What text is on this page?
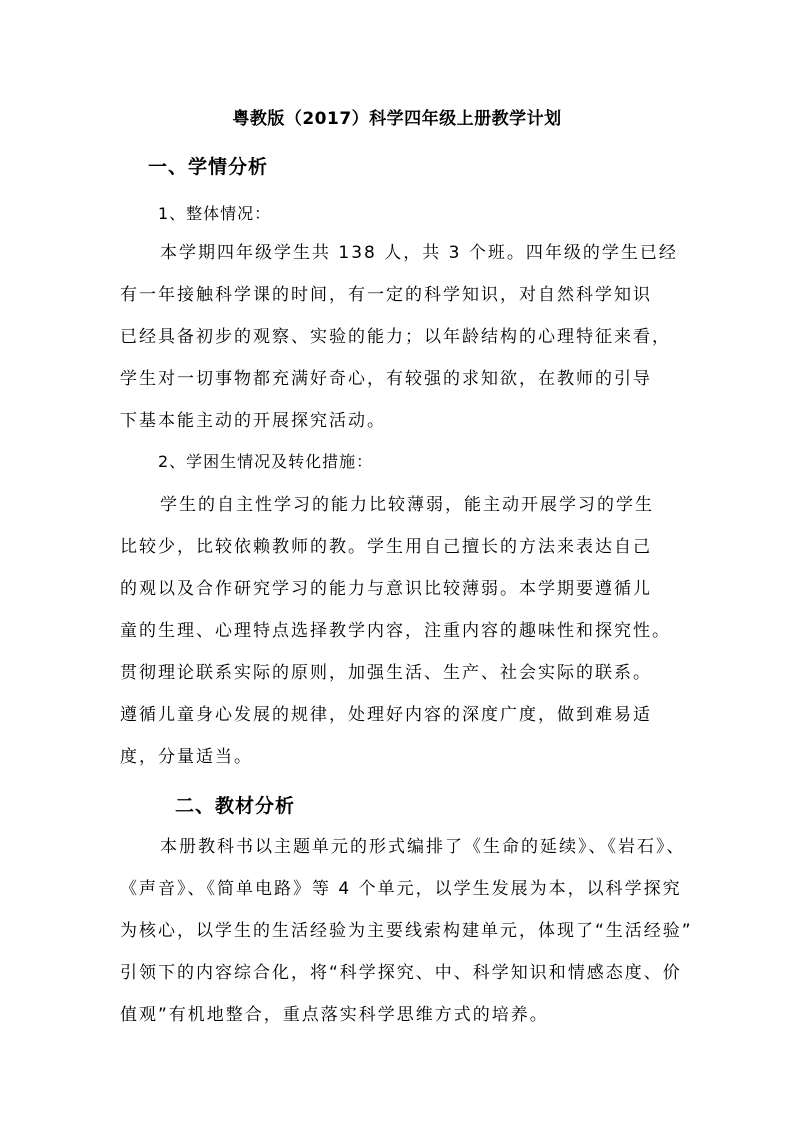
粤教版（2017）科学四年级上册教学计划
一、学情分析
1、整体情况：
本学期四年级学生共 138 人，共 3 个班。四年级的学生已经
有一年接触科学课的时间，有一定的科学知识，对自然科学知识
已经具备初步的观察、实验的能力；以年龄结构的心理特征来看，
学生对一切事物都充满好奇心，有较强的求知欲，在教师的引导
下基本能主动的开展探究活动。
2、学困生情况及转化措施：
学生的自主性学习的能力比较薄弱，能主动开展学习的学生
比较少，比较依赖教师的教。学生用自己擅长的方法来表达自己
的观以及合作研究学习的能力与意识比较薄弱。本学期要遵循儿
童的生理、心理特点选择教学内容，注重内容的趣味性和探究性。
贯彻理论联系实际的原则，加强生活、生产、社会实际的联系。
遵循儿童身心发展的规律，处理好内容的深度广度，做到难易适
度，分量适当。
二、教材分析
本册教科书以主题单元的形式编排了《生命的延续》、《岩石》、
《声音》、《简单电路》等 4 个单元，以学生发展为本，以科学探究
为核心，以学生的生活经验为主要线索构建单元，体现了“生活经验”
引领下的内容综合化，将“科学探究、中、科学知识和情感态度、价
值观”有机地整合，重点落实科学思维方式的培养。
